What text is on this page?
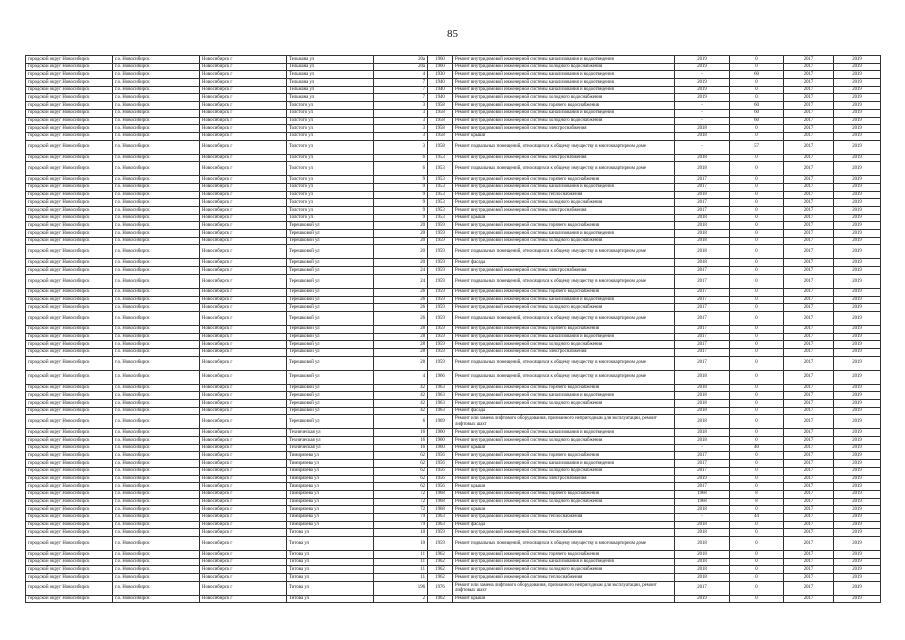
85
городской округ Новосибирск	г.о. Новосибирск	Новосибирск г	Тельмана ул	20а	1960	Ремонт внутридомовой инженерной системы канализования и водоотведения	2019	0	2017	2019
городской округ Новосибирск	г.о. Новосибирск	Новосибирск г	Тельмана ул	20а	1960	Ремонт внутридомовой инженерной системы холодного водоснабжения	2019	0	2017	2019
городской округ Новосибирск	г.о. Новосибирск	Новосибирск г	Тельмана ул	4	1930	Ремонт внутридомовой инженерной системы канализования и водоотведения	-	60	2017	2019
городской округ Новосибирск	г.о. Новосибирск	Новосибирск г	Тельмана ул	7	1940	Ремонт внутридомовой инженерной системы канализования и водоотведения	2019	0	2017	2019
городской округ Новосибирск	г.о. Новосибирск	Новосибирск г	Тельмана ул	7	1940	Ремонт внутридомовой инженерной системы канализования и водоотведения	2019	0	2017	2019
городской округ Новосибирск	г.о. Новосибирск	Новосибирск г	Тельмана ул	7	1940	Ремонт внутридомовой инженерной системы холодного водоснабжения	2019	0	2017	2019
городской округ Новосибирск	г.о. Новосибирск	Новосибирск г	Толстого ул	3	1958	Ремонт внутридомовой инженерной системы горячего водоснабжения	-	60	2017	2019
городской округ Новосибирск	г.о. Новосибирск	Новосибирск г	Толстого ул	3	1958	Ремонт внутридомовой инженерной системы канализования и водоотведения	-	60	2017	2019
городской округ Новосибирск	г.о. Новосибирск	Новосибирск г	Толстого ул	3	1958	Ремонт внутридомовой инженерной системы холодного водоснабжения	-	60	2017	2019
городской округ Новосибирск	г.о. Новосибирск	Новосибирск г	Толстого ул	3	1958	Ремонт внутридомовой инженерной системы электроснабжения	2018	0	2017	2019
городской округ Новосибирск	г.о. Новосибирск	Новосибирск г	Толстого ул	3	1958	Ремонт крыши	2018	0	2017	2019
городской округ Новосибирск	г.о. Новосибирск	Новосибирск г	Толстого ул	3	1958	Ремонт подвальных помещений, относящихся к общему имуществу в многоквартирном доме	-	57	2017	2019
городской округ Новосибирск	г.о. Новосибирск	Новосибирск г	Толстого ул	6	1953	Ремонт внутридомовой инженерной системы электроснабжения	2018	0	2017	2019
городской округ Новосибирск	г.о. Новосибирск	Новосибирск г	Толстого ул	6	1953	Ремонт подвальных помещений, относящихся к общему имуществу в многоквартирном доме	2018	0	2017	2019
городской округ Новосибирск	г.о. Новосибирск	Новосибирск г	Толстого ул	9	1953	Ремонт внутридомовой инженерной системы горячего водоснабжения	2017	0	2017	2019
городской округ Новосибирск	г.о. Новосибирск	Новосибирск г	Толстого ул	9	1953	Ремонт внутридомовой инженерной системы канализования и водоотведения	2017	0	2017	2019
городской округ Новосибирск	г.о. Новосибирск	Новосибирск г	Толстого ул	9	1953	Ремонт внутридомовой инженерной системы теплоснабжения	2018	0	2017	2019
городской округ Новосибирск	г.о. Новосибирск	Новосибирск г	Толстого ул	9	1953	Ремонт внутридомовой инженерной системы холодного водоснабжения	2017	0	2017	2019
городской округ Новосибирск	г.о. Новосибирск	Новосибирск г	Толстого ул	9	1953	Ремонт внутридомовой инженерной системы электроснабжения	2017	0	2017	2019
городской округ Новосибирск	г.о. Новосибирск	Новосибирск г	Толстого ул	9	1953	Ремонт крыши	2018	0	2017	2019
городской округ Новосибирск	г.о. Новосибирск	Новосибирск г	Терешковой ул	20	1959	Ремонт внутридомовой инженерной системы горячего водоснабжения	2018	0	2017	2019
городской округ Новосибирск	г.о. Новосибирск	Новосибирск г	Терешковой ул	20	1959	Ремонт внутридомовой инженерной системы канализования и водоотведения	2018	0	2017	2019
городской округ Новосибирск	г.о. Новосибирск	Новосибирск г	Терешковой ул	20	1959	Ремонт внутридомовой инженерной системы холодного водоснабжения	2018	0	2017	2019
городской округ Новосибирск	г.о. Новосибирск	Новосибирск г	Терешковой ул	20	1959	Ремонт подвальных помещений, относящихся к общему имуществу в многоквартирном доме	2018	0	2017	2019
городской округ Новосибирск	г.о. Новосибирск	Новосибирск г	Терешковой ул	20	1959	Ремонт фасада	2018	0	2017	2019
городской округ Новосибирск	г.о. Новосибирск	Новосибирск г	Терешковой ул	24	1959	Ремонт внутридомовой инженерной системы электроснабжения	2017	0	2017	2019
городской округ Новосибирск	г.о. Новосибирск	Новосибирск г	Терешковой ул	24	1959	Ремонт подвальных помещений, относящихся к общему имуществу в многоквартирном доме	2017	0	2017	2019
городской округ Новосибирск	г.о. Новосибирск	Новосибирск г	Терешковой ул	26	1959	Ремонт внутридомовой инженерной системы горячего водоснабжения	2017	0	2017	2019
городской округ Новосибирск	г.о. Новосибирск	Новосибирск г	Терешковой ул	26	1959	Ремонт внутридомовой инженерной системы канализования и водоотведения	2017	0	2017	2019
городской округ Новосибирск	г.о. Новосибирск	Новосибирск г	Терешковой ул	26	1959	Ремонт внутридомовой инженерной системы холодного водоснабжения	2017	0	2017	2019
городской округ Новосибирск	г.о. Новосибирск	Новосибирск г	Терешковой ул	26	1959	Ремонт подвальных помещений, относящихся к общему имуществу в многоквартирном доме	2017	0	2017	2019
городской округ Новосибирск	г.о. Новосибирск	Новосибирск г	Терешковой ул	28	1959	Ремонт внутридомовой инженерной системы горячего водоснабжения	2017	0	2017	2019
городской округ Новосибирск	г.о. Новосибирск	Новосибирск г	Терешковой ул	28	1959	Ремонт внутридомовой инженерной системы канализования и водоотведения	2017	0	2017	2019
городской округ Новосибирск	г.о. Новосибирск	Новосибирск г	Терешковой ул	28	1959	Ремонт внутридомовой инженерной системы холодного водоснабжения	2017	0	2017	2019
городской округ Новосибирск	г.о. Новосибирск	Новосибирск г	Терешковой ул	28	1959	Ремонт внутридомовой инженерной системы электроснабжения	2017	0	2017	2019
городской округ Новосибирск	г.о. Новосибирск	Новосибирск г	Терешковой ул	28	1959	Ремонт подвальных помещений, относящихся к общему имуществу в многоквартирном доме	2017	0	2017	2019
городской округ Новосибирск	г.о. Новосибирск	Новосибирск г	Терешковой ул	4	1966	Ремонт подвальных помещений, относящихся к общему имуществу в многоквартирном доме	2018	0	2017	2019
городской округ Новосибирск	г.о. Новосибирск	Новосибирск г	Терешковой ул	42	1963	Ремонт внутридомовой инженерной системы горячего водоснабжения	2018	0	2017	2019
городской округ Новосибирск	г.о. Новосибирск	Новосибирск г	Терешковой ул	42	1963	Ремонт внутридомовой инженерной системы канализования и водоотведения	2018	0	2017	2019
городской округ Новосибирск	г.о. Новосибирск	Новосибирск г	Терешковой ул	42	1963	Ремонт внутридомовой инженерной системы холодного водоснабжения	2018	0	2017	2019
городской округ Новосибирск	г.о. Новосибирск	Новосибирск г	Терешковой ул	42	1963	Ремонт фасада	2018	0	2017	2019
городской округ Новосибирск	г.о. Новосибирск	Новосибирск г	Терешковой ул	6	1969	Ремонт или замена лифтового оборудования, признанного непригодным для эксплуатации, ремонт лифтовых шахт	2018	0	2017	2019
городской округ Новосибирск	г.о. Новосибирск	Новосибирск г	Техническая ул	16	1960	Ремонт внутридомовой инженерной системы канализования и водоотведения	2018	0	2017	2019
городской округ Новосибирск	г.о. Новосибирск	Новосибирск г	Техническая ул	16	1960	Ремонт внутридомовой инженерной системы холодного водоснабжения	2018	0	2017	2019
городской округ Новосибирск	г.о. Новосибирск	Новосибирск г	Техническая ул	16	1960	Ремонт крыши	-	40	2017	2019
городской округ Новосибирск	г.о. Новосибирск	Новосибирск г	Тимирязева ул	62	1956	Ремонт внутридомовой инженерной системы горячего водоснабжения	2017	0	2017	2019
городской округ Новосибирск	г.о. Новосибирск	Новосибирск г	Тимирязева ул	62	1956	Ремонт внутридомовой инженерной системы канализования и водоотведения	2017	0	2017	2019
городской округ Новосибирск	г.о. Новосибирск	Новосибирск г	Тимирязева ул	62	1956	Ремонт внутридомовой инженерной системы холодного водоснабжения	2017	0	2017	2019
городской округ Новосибирск	г.о. Новосибирск	Новосибирск г	Тимирязева ул	62	1956	Ремонт внутридомовой инженерной системы электроснабжения	2019	0	2017	2019
городской округ Новосибирск	г.о. Новосибирск	Новосибирск г	Тимирязева ул	62	1956	Ремонт крыши	2017	0	2017	2019
городской округ Новосибирск	г.о. Новосибирск	Новосибирск г	Тимирязева ул	72	1968	Ремонт внутридомовой инженерной системы горячего водоснабжения	1968	8	2017	2019
городской округ Новосибирск	г.о. Новосибирск	Новосибирск г	Тимирязева ул	72	1968	Ремонт внутридомовой инженерной системы холодного водоснабжения	1968	8	2017	2019
городской округ Новосибирск	г.о. Новосибирск	Новосибирск г	Тимирязева ул	72	1968	Ремонт крыши	2018	0	2017	2019
городской округ Новосибирск	г.о. Новосибирск	Новосибирск г	Тимирязева ул	79	1963	Ремонт внутридомовой инженерной системы теплоснабжения	-	44	2017	2019
городской округ Новосибирск	г.о. Новосибирск	Новосибирск г	Тимирязева ул	79	1963	Ремонт фасада	2018	0	2017	2019
городской округ Новосибирск	г.о. Новосибирск	Новосибирск г	Титова ул	10	1959	Ремонт внутридомовой инженерной системы теплоснабжения	2018	0	2017	2019
городской округ Новосибирск	г.о. Новосибирск	Новосибирск г	Титова ул	10	1959	Ремонт подвальных помещений, относящихся к общему имуществу в многоквартирном доме	2018	0	2017	2019
городской округ Новосибирск	г.о. Новосибирск	Новосибирск г	Титова ул	11	1962	Ремонт внутридомовой инженерной системы горячего водоснабжения	2018	0	2017	2019
городской округ Новосибирск	г.о. Новосибирск	Новосибирск г	Титова ул	11	1962	Ремонт внутридомовой инженерной системы канализования и водоотведения	2018	0	2017	2019
городской округ Новосибирск	г.о. Новосибирск	Новосибирск г	Титова ул	11	1962	Ремонт внутридомовой инженерной системы холодного водоснабжения	2018	0	2017	2019
городской округ Новосибирск	г.о. Новосибирск	Новосибирск г	Титова ул	11	1962	Ремонт внутридомовой инженерной системы теплоснабжения	2018	0	2017	2019
городской округ Новосибирск	г.о. Новосибирск	Новосибирск г	Титова ул	196	1976	Ремонт или замена лифтового оборудования, признанного непригодным для эксплуатации, ремонт лифтовых шахт	2017	0	2017	2019
городской округ Новосибирск	г.о. Новосибирск	Новосибирск г	Титова ул	2	1962	Ремонт крыши	2019	0	2017	2019
